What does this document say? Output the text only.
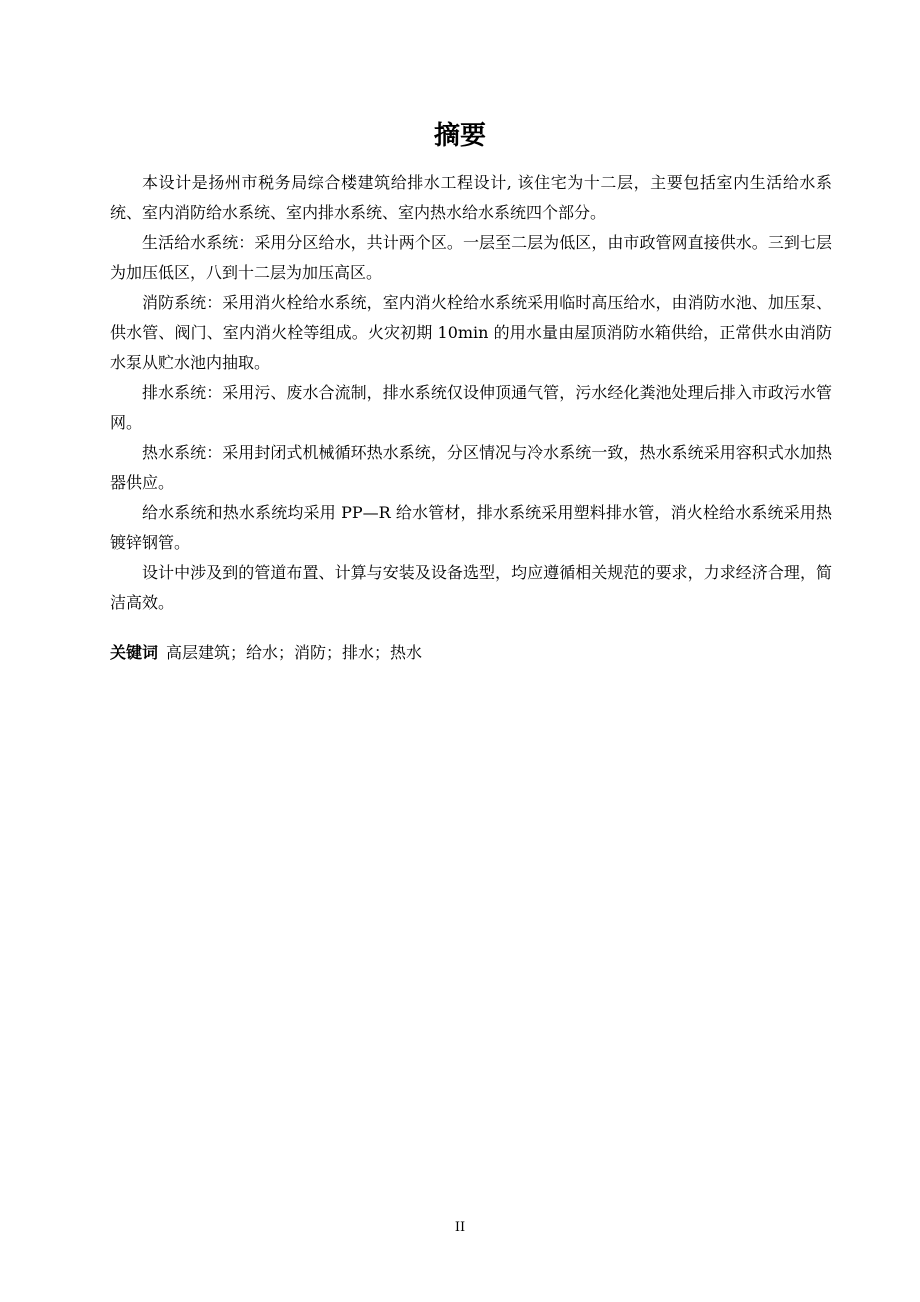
摘要

本设计是扬州市税务局综合楼建筑给排水工程设计, 该住宅为十二层，主要包括室内生活给水系统、室内消防给水系统、室内排水系统、室内热水给水系统四个部分。

生活给水系统：采用分区给水，共计两个区。一层至二层为低区，由市政管网直接供水。三到七层为加压低区，八到十二层为加压高区。

消防系统：采用消火栓给水系统，室内消火栓给水系统采用临时高压给水，由消防水池、加压泵、供水管、阀门、室内消火栓等组成。火灾初期 10min 的用水量由屋顶消防水箱供给，正常供水由消防水泵从贮水池内抽取。

排水系统：采用污、废水合流制，排水系统仅设伸顶通气管，污水经化粪池处理后排入市政污水管网。

热水系统：采用封闭式机械循环热水系统，分区情况与冷水系统一致，热水系统采用容积式水加热器供应。

给水系统和热水系统均采用 PP—R 给水管材，排水系统采用塑料排水管，消火栓给水系统采用热镀锌钢管。

设计中涉及到的管道布置、计算与安装及设备选型，均应遵循相关规范的要求，力求经济合理，简洁高效。

关键词 高层建筑；给水；消防；排水；热水

II
